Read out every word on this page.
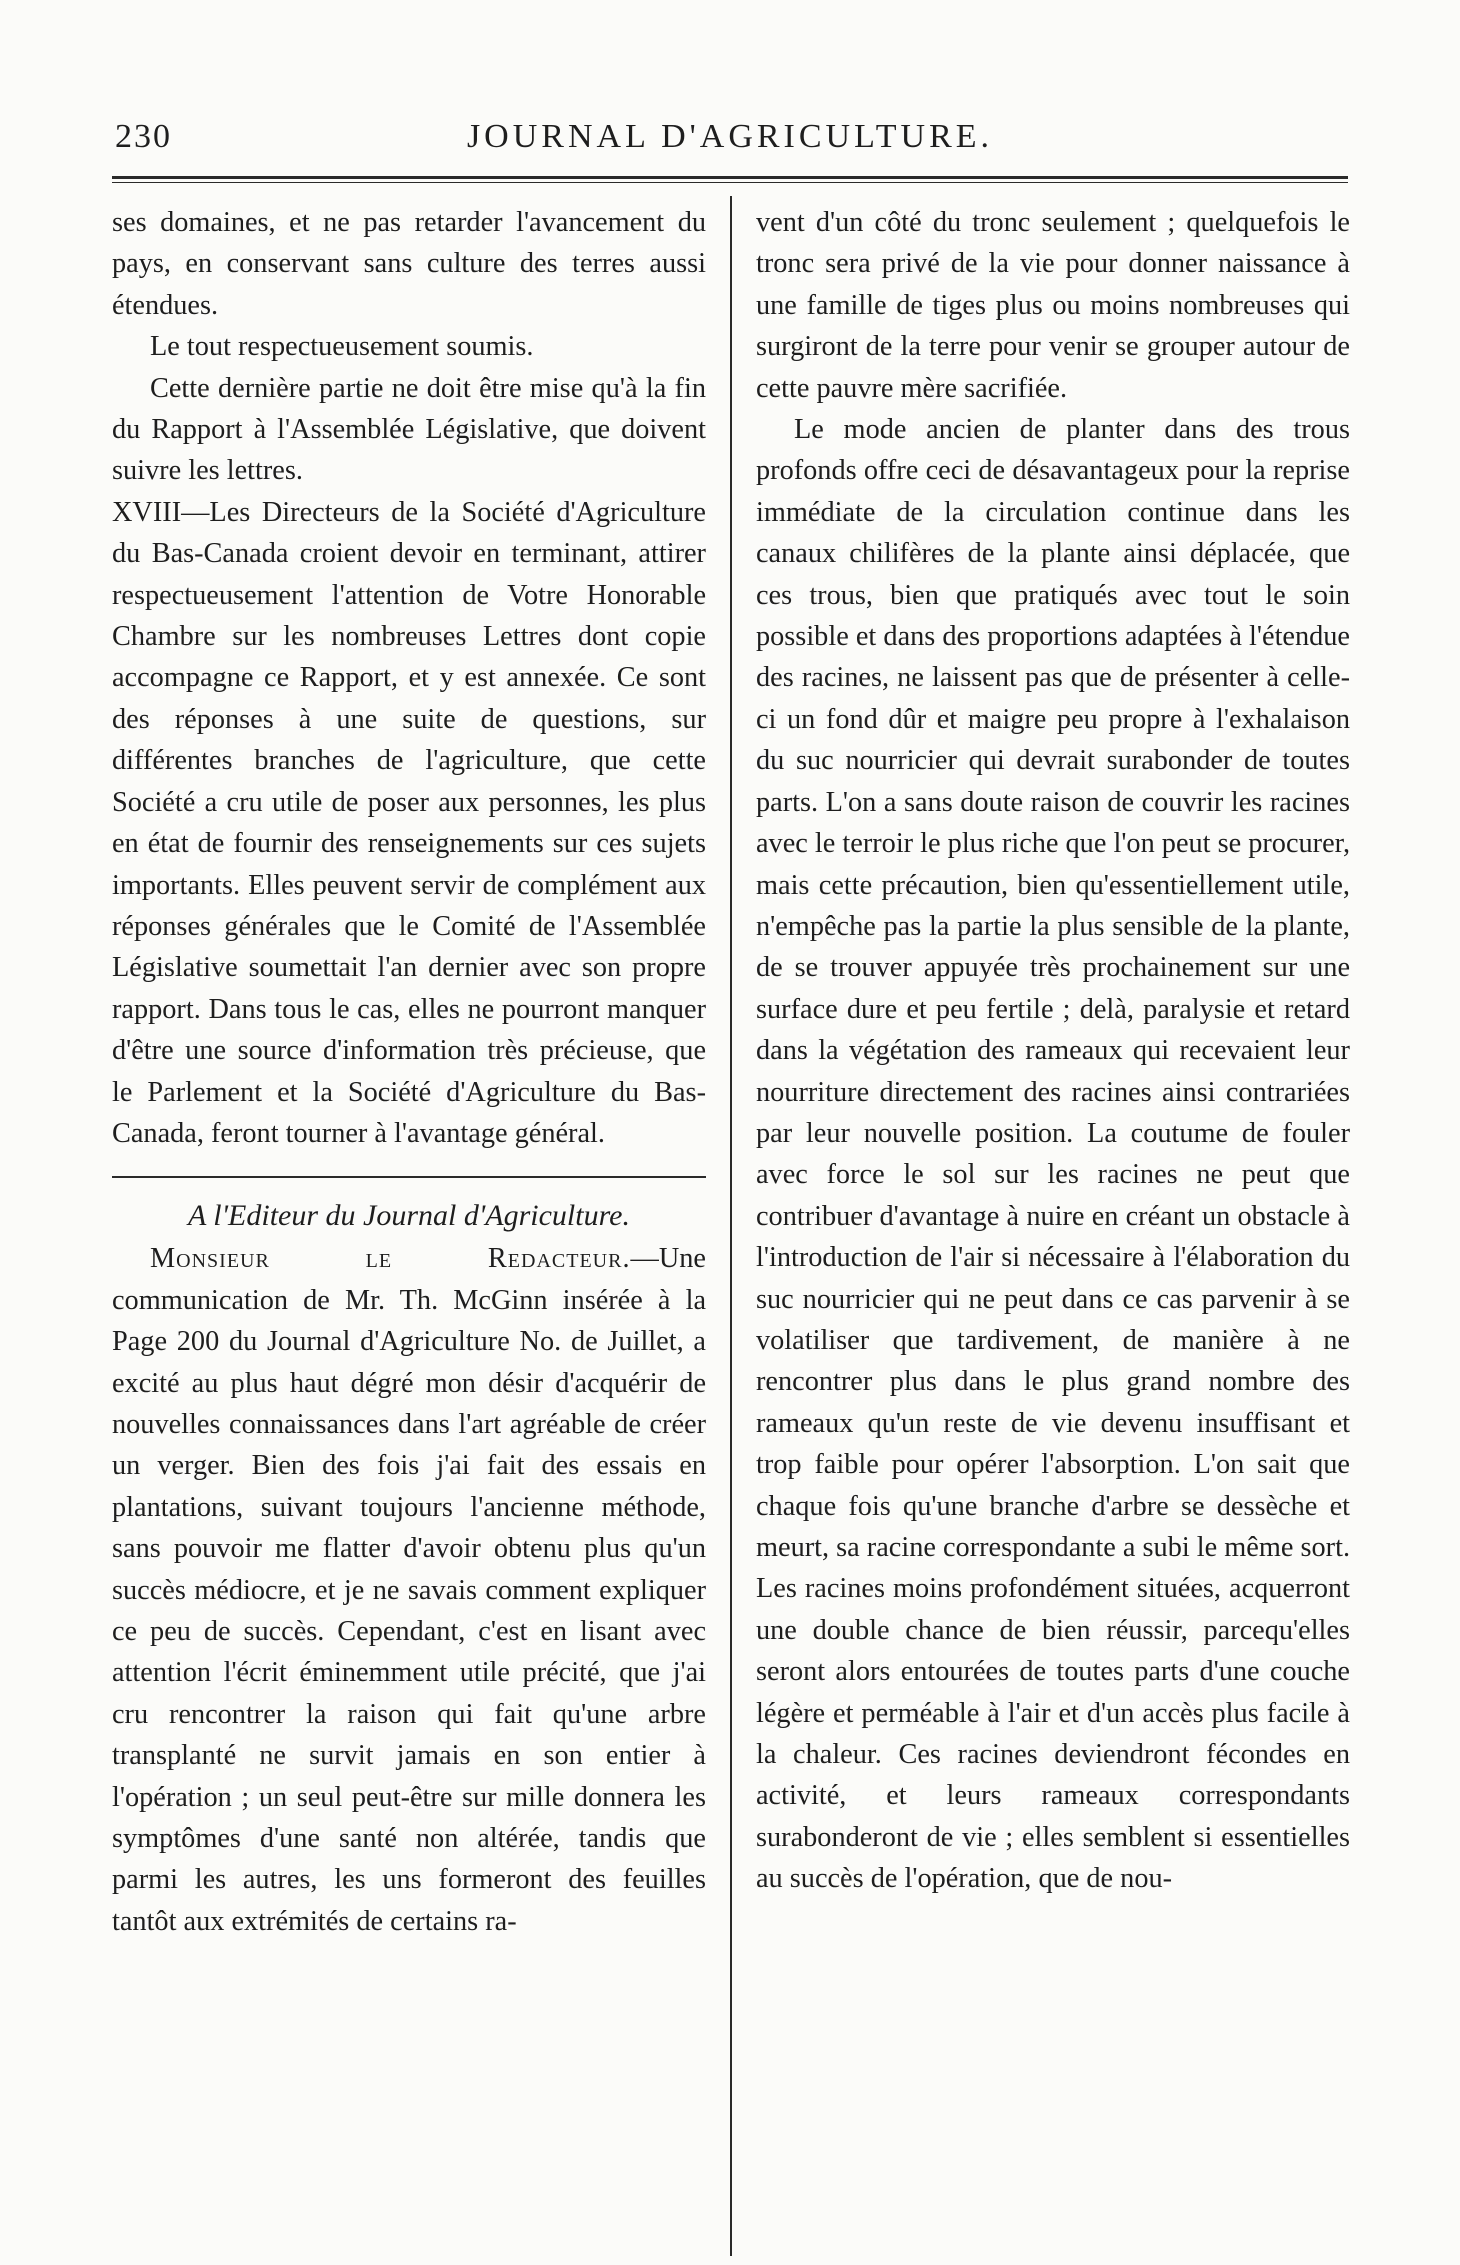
230	JOURNAL D'AGRICULTURE.

ses domaines, et ne pas retarder l'avancement du pays, en conservant sans culture des terres aussi étendues.

Le tout respectueusement soumis.

Cette dernière partie ne doit être mise qu'à la fin du Rapport à l'Assemblée Législative, que doivent suivre les lettres.

XVIII—Les Directeurs de la Société d'Agriculture du Bas-Canada croient devoir en terminant, attirer respectueusement l'attention de Votre Honorable Chambre sur les nombreuses Lettres dont copie accompagne ce Rapport, et y est annexée. Ce sont des réponses à une suite de questions, sur différentes branches de l'agriculture, que cette Société a cru utile de poser aux personnes, les plus en état de fournir des renseignements sur ces sujets importants. Elles peuvent servir de complément aux réponses générales que le Comité de l'Assemblée Législative soumettait l'an dernier avec son propre rapport. Dans tous le cas, elles ne pourront manquer d'être une source d'information très précieuse, que le Parlement et la Société d'Agriculture du Bas-Canada, feront tourner à l'avantage général.

A l'Editeur du Journal d'Agriculture.

Monsieur le Redacteur.—Une communication de Mr. Th. McGinn insérée à la Page 200 du Journal d'Agriculture No. de Juillet, a excité au plus haut dégré mon désir d'acquérir de nouvelles connaissances dans l'art agréable de créer un verger. Bien des fois j'ai fait des essais en plantations, suivant toujours l'ancienne méthode, sans pouvoir me flatter d'avoir obtenu plus qu'un succès médiocre, et je ne savais comment expliquer ce peu de succès. Cependant, c'est en lisant avec attention l'écrit éminemment utile précité, que j'ai cru rencontrer la raison qui fait qu'une arbre transplanté ne survit jamais en son entier à l'opération ; un seul peut-être sur mille donnera les symptômes d'une santé non altérée, tandis que parmi les autres, les uns formeront des feuilles tantôt aux extrémités de certains ra-

vent d'un côté du tronc seulement ; quelquefois le tronc sera privé de la vie pour donner naissance à une famille de tiges plus ou moins nombreuses qui surgiront de la terre pour venir se grouper autour de cette pauvre mère sacrifiée.

Le mode ancien de planter dans des trous profonds offre ceci de désavantageux pour la reprise immédiate de la circulation continue dans les canaux chilifères de la plante ainsi déplacée, que ces trous, bien que pratiqués avec tout le soin possible et dans des proportions adaptées à l'étendue des racines, ne laissent pas que de présenter à celle-ci un fond dûr et maigre peu propre à l'exhalaison du suc nourricier qui devrait surabonder de toutes parts. L'on a sans doute raison de couvrir les racines avec le terroir le plus riche que l'on peut se procurer, mais cette précaution, bien qu'essentiellement utile, n'empêche pas la partie la plus sensible de la plante, de se trouver appuyée très prochainement sur une surface dure et peu fertile ; delà, paralysie et retard dans la végétation des rameaux qui recevaient leur nourriture directement des racines ainsi contrariées par leur nouvelle position. La coutume de fouler avec force le sol sur les racines ne peut que contribuer d'avantage à nuire en créant un obstacle à l'introduction de l'air si nécessaire à l'élaboration du suc nourricier qui ne peut dans ce cas parvenir à se volatiliser que tardivement, de manière à ne rencontrer plus dans le plus grand nombre des rameaux qu'un reste de vie devenu insuffisant et trop faible pour opérer l'absorption. L'on sait que chaque fois qu'une branche d'arbre se dessèche et meurt, sa racine correspondante a subi le même sort. Les racines moins profondément situées, acquerront une double chance de bien réussir, parcequ'elles seront alors entourées de toutes parts d'une couche légère et perméable à l'air et d'un accès plus facile à la chaleur. Ces racines deviendront fécondes en activité, et leurs rameaux correspondants surabonderont de vie ; elles semblent si essentielles au succès de l'opération, que de nou-
